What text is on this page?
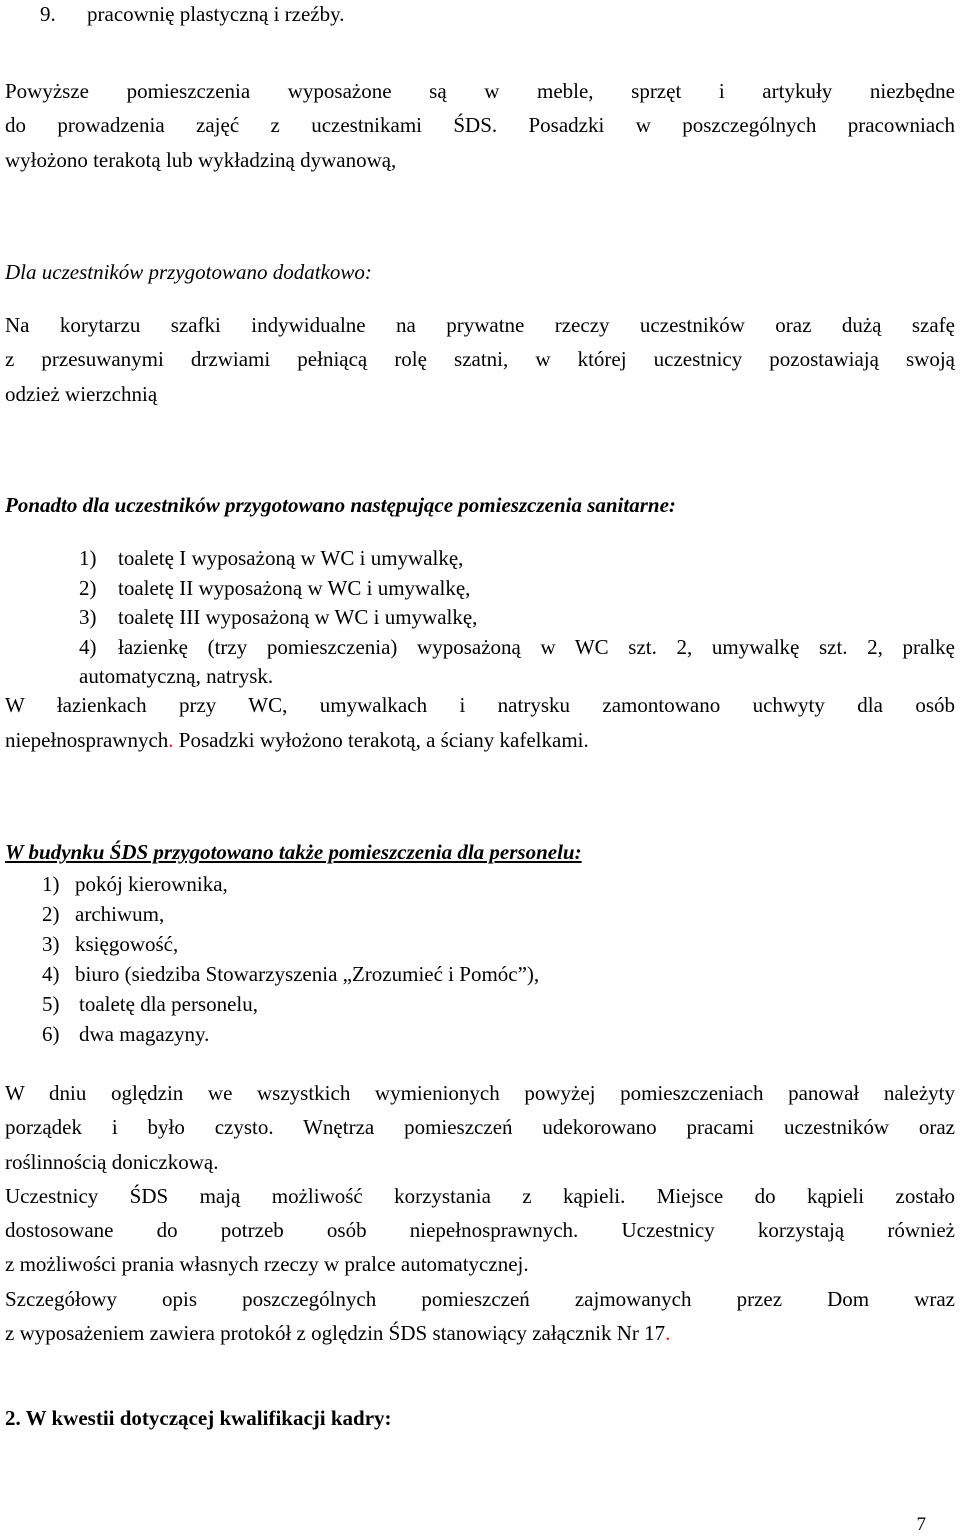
9. pracownię plastyczną i rzeźby.
Powyższe pomieszczenia wyposażone są w meble, sprzęt i artykuły niezbędne
do prowadzenia zajęć z uczestnikami ŚDS. Posadzki w poszczególnych pracowniach
wyłożono terakotą lub wykładziną dywanową,
Dla uczestników przygotowano dodatkowo:
Na korytarzu szafki indywidualne na prywatne rzeczy uczestników oraz dużą szafę
z przesuwanymi drzwiami pełniącą rolę szatni, w której uczestnicy pozostawiają swoją
odzież wierzchnią
Ponadto dla uczestników przygotowano następujące pomieszczenia sanitarne:
1) toaletę I wyposażoną w WC i umywalkę,
2) toaletę II wyposażoną w WC i umywalkę,
3) toaletę III wyposażoną w WC i umywalkę,
4) łazienkę (trzy pomieszczenia) wyposażoną w WC szt. 2, umywalkę szt. 2, pralkę
automatyczną, natrysk.
W łazienkach przy WC, umywalkach i natrysku zamontowano uchwyty dla osób
niepełnosprawnych. Posadzki wyłożono terakotą, a ściany kafelkami.
W budynku ŚDS przygotowano także pomieszczenia dla personelu:
1) pokój kierownika,
2) archiwum,
3) księgowość,
4) biuro (siedziba Stowarzyszenia „Zrozumieć i Pomóc”),
5) toaletę dla personelu,
6) dwa magazyny.
W dniu oględzin we wszystkich wymienionych powyżej pomieszczeniach panował należyty
porządek i było czysto. Wnętrza pomieszczeń udekorowano pracami uczestników oraz
roślinnością doniczkową.
Uczestnicy ŚDS mają możliwość korzystania z kąpieli. Miejsce do kąpieli zostało
dostosowane do potrzeb osób niepełnosprawnych. Uczestnicy korzystają również
z możliwości prania własnych rzeczy w pralce automatycznej.
Szczegółowy opis poszczególnych pomieszczeń zajmowanych przez Dom wraz
z wyposażeniem zawiera protokół z oględzin ŚDS stanowiący załącznik Nr 17.
2. W kwestii dotyczącej kwalifikacji kadry:
7
